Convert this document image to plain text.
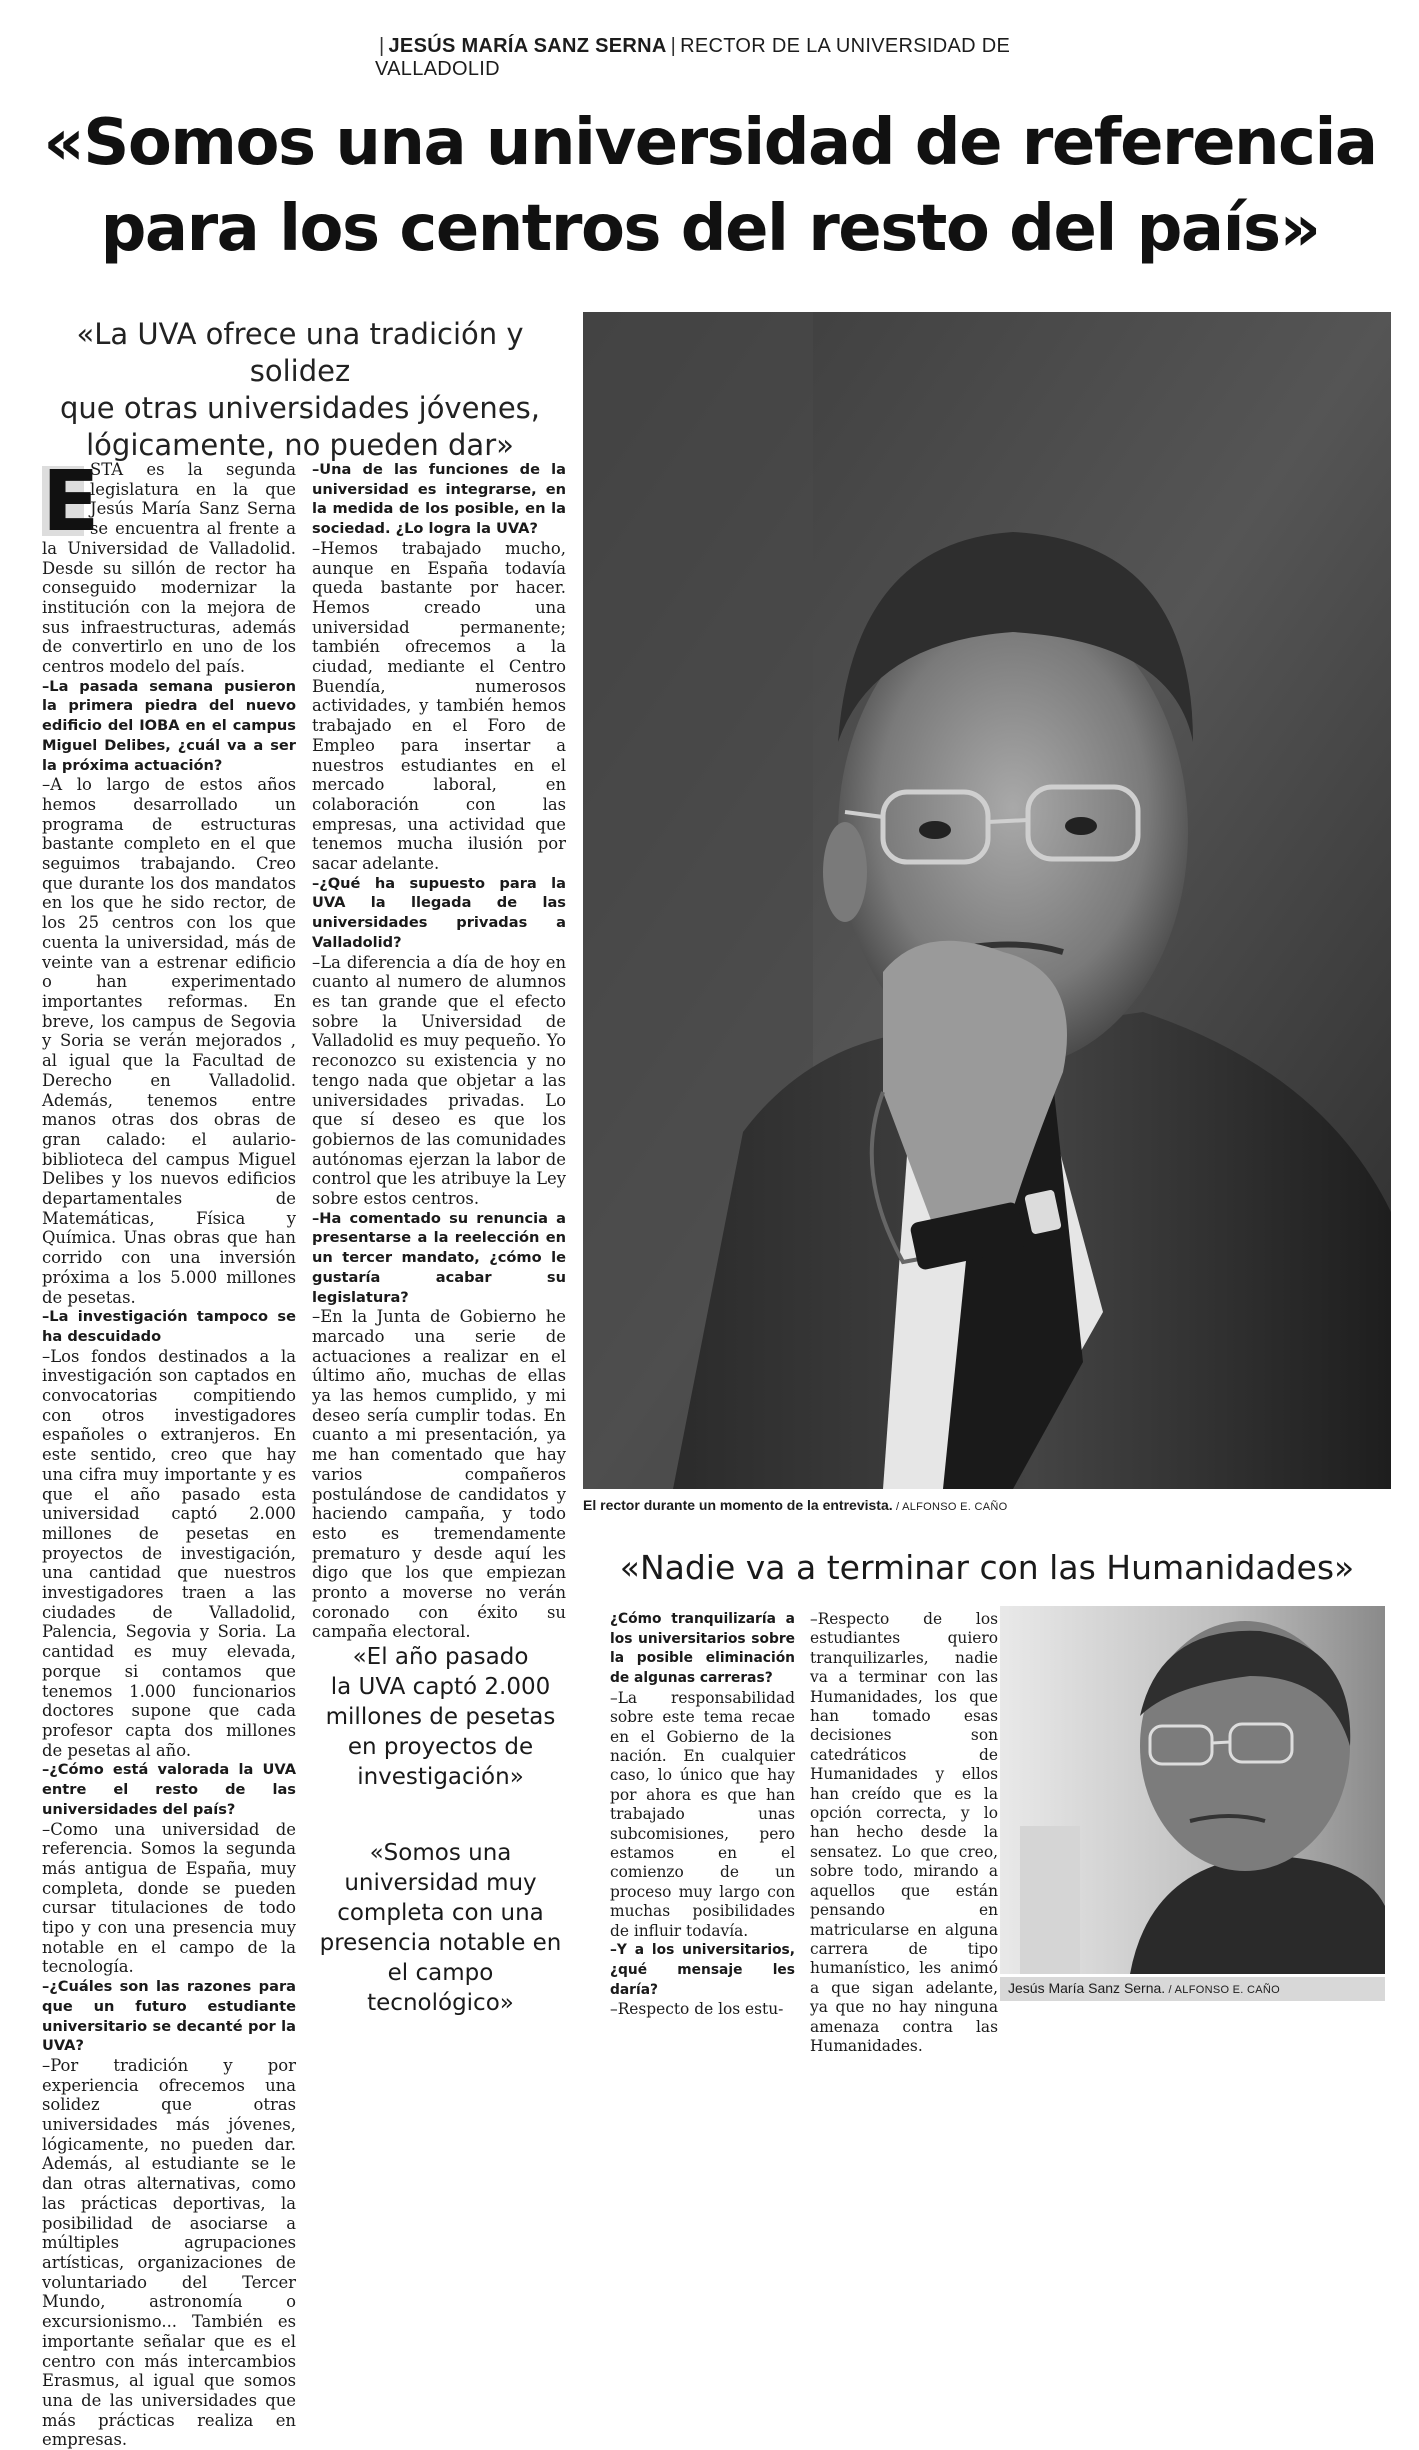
| JESÚS MARÍA SANZ SERNA | RECTOR DE LA UNIVERSIDAD DE VALLADOLID
«Somos una universidad de referencia
para los centros del resto del país»
«La UVA ofrece una tradición y solidez
que otras universidades jóvenes,
lógicamente, no pueden dar»

E
STA es la segunda legislatura en la que Jesús María Sanz Serna se encuentra al frente a la Universidad de Valladolid. Desde su sillón de rector ha conseguido modernizar la institución con la mejora de sus infraestructuras, además de convertirlo en uno de los centros modelo del país.

–La pasada semana pusieron la primera piedra del nuevo edificio del IOBA en el campus Miguel Delibes, ¿cuál va a ser la próxima actuación?

–A lo largo de estos años hemos desarrollado un programa de estructuras bastante completo en el que seguimos trabajando. Creo que durante los dos mandatos en los que he sido rector, de los 25 centros con los que cuenta la universidad, más de veinte van a estrenar edificio o han experimentado importantes reformas. En breve, los campus de Segovia y Soria se verán mejorados , al igual que la Facultad de Derecho en Valladolid. Además, tenemos entre manos otras dos obras de gran calado: el aulario-biblioteca del campus Miguel Delibes y los nuevos edificios departamentales de Matemáticas, Física y Química. Unas obras que han corrido con una inversión próxima a los 5.000 millones de pesetas.

–La investigación tampoco se ha descuidado

–Los fondos destinados a la investigación son captados en convocatorias compitiendo con otros investigadores españoles o extranjeros. En este sentido, creo que hay una cifra muy importante y es que el año pasado esta universidad captó 2.000 millones de pesetas en proyectos de investigación, una cantidad que nuestros investigadores traen a las ciudades de Valladolid, Palencia, Segovia y Soria. La cantidad es muy elevada, porque si contamos que tenemos 1.000 funcionarios doctores supone que cada profesor capta dos millones de pesetas al año.

–¿Cómo está valorada la UVA entre el resto de las universidades del país?

–Como una universidad de referencia. Somos la segunda más antigua de España, muy completa, donde se pueden cursar titulaciones de todo tipo y con una presencia muy notable en el campo de la tecnología.

–¿Cuáles son las razones para que un futuro estudiante universitario se decanté por la UVA?

–Por tradición y por experiencia ofrecemos una solidez que otras universidades más jóvenes, lógicamente, no pueden dar. Además, al estudiante se le dan otras alternativas, como las prácticas deportivas, la posibilidad de asociarse a múltiples agrupaciones artísticas, organizaciones de voluntariado del Tercer Mundo, astronomía o excursionismo... También es importante señalar que es el centro con más intercambios Erasmus, al igual que somos una de las universidades que más prácticas realiza en empresas.

–Una de las funciones de la universidad es integrarse, en la medida de los posible, en la sociedad. ¿Lo logra la UVA?

–Hemos trabajado mucho, aunque en España todavía queda bastante por hacer. Hemos creado una universidad permanente; también ofrecemos a la ciudad, mediante el Centro Buendía, numerosos actividades, y también hemos trabajado en el Foro de Empleo para insertar a nuestros estudiantes en el mercado laboral, en colaboración con las empresas, una actividad que tenemos mucha ilusión por sacar adelante.

–¿Qué ha supuesto para la UVA la llegada de las universidades privadas a Valladolid?

–La diferencia a día de hoy en cuanto al numero de alumnos es tan grande que el efecto sobre la Universidad de Valladolid es muy pequeño. Yo reconozco su existencia y no tengo nada que objetar a las universidades privadas. Lo que sí deseo es que los gobiernos de las comunidades autónomas ejerzan la labor de control que les atribuye la Ley sobre estos centros.

–Ha comentado su renuncia a presentarse a la reelección en un tercer mandato, ¿cómo le gustaría acabar su legislatura?

–En la Junta de Gobierno he marcado una serie de actuaciones a realizar en el último año, muchas de ellas ya las hemos cumplido, y mi deseo sería cumplir todas. En cuanto a mi presentación, ya me han comentado que hay varios compañeros postulándose de candidatos y haciendo campaña, y todo esto es tremendamente prematuro y desde aquí les digo que los que empiezan pronto a moverse no verán coronado con éxito su campaña electoral.

«El año pasado
la UVA captó 2.000
millones de pesetas
en proyectos de
investigación»
«Somos una
universidad muy
completa con una
presencia notable en
el campo tecnológico»
El rector durante un momento de la entrevista. / ALFONSO E. CAÑO
«Nadie va a terminar con las Humanidades»

¿Cómo tranquilizaría a los universitarios sobre la posible eliminación de algunas carreras?

–La responsabilidad sobre este tema recae en el Gobierno de la nación. En cualquier caso, lo único que hay por ahora es que han trabajado unas subcomisiones, pero estamos en el comienzo de un proceso muy largo con muchas posibilidades de influir todavía.

–Y a los universitarios, ¿qué mensaje les daría?

–Respecto de los estu-

–Respecto de los estudiantes quiero tranquilizarles, nadie va a terminar con las Humanidades, los que han tomado esas decisiones son catedráticos de Humanidades y ellos han creído que es la opción correcta, y lo han hecho desde la sensatez. Lo que creo, sobre todo, mirando a aquellos que están pensando en matricularse en alguna carrera de tipo humanístico, les animó a que sigan adelante, ya que no hay ninguna amenaza contra las Humanidades.

Jesús María Sanz Serna. / ALFONSO E. CAÑO
